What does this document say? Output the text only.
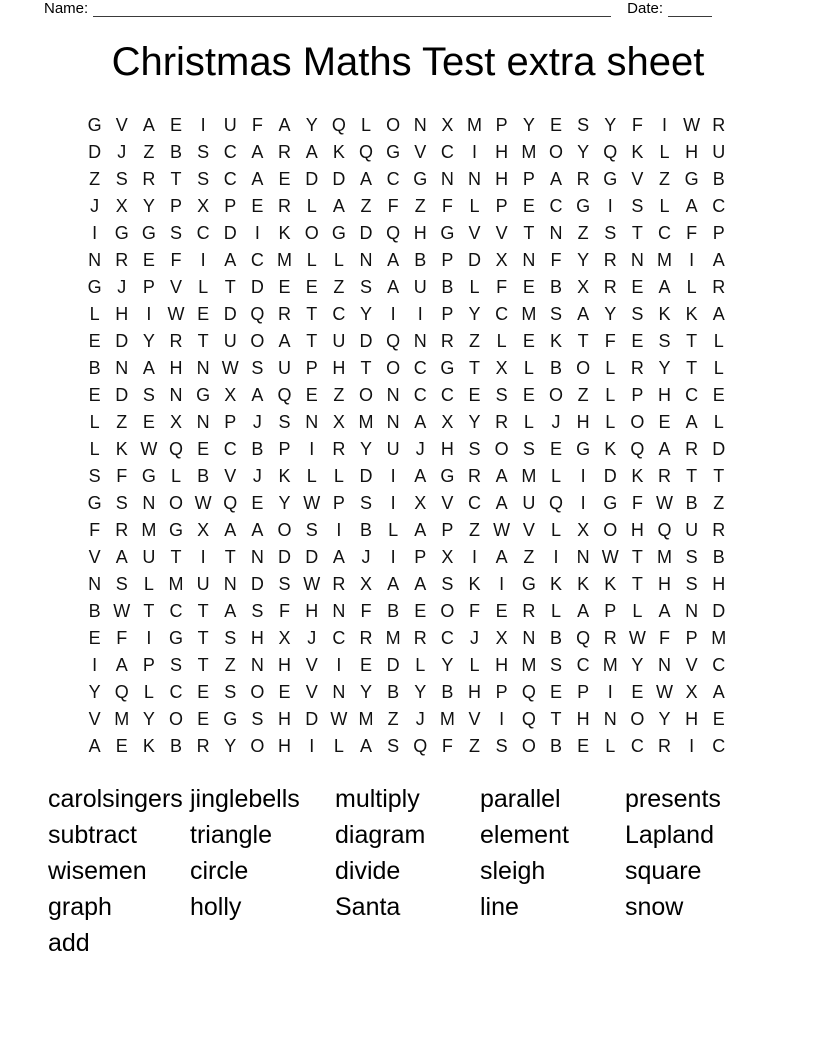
Name:	Date:
Christmas Maths Test extra sheet
G V A E	I	U F A Y Q L O N X M P Y E S Y F	I W R
D J Z B S C A R A K Q G V C	I	H M O Y Q K L H U
Z S R T S C A E D D A C G N N H P A R G V Z G B
J X Y P X P E R L A Z F Z F L P E C G I	S L A C
I G G S C D	I	K O G D Q H G V V T N Z S T C F P
N R E F	I	A C M L L N A B P D X N F Y R N M I	A
G J P V L T D E E Z S A U B L F E B X R E A L R
L H	I W E D Q R T C Y	I	I	P Y C M S A Y S K K A
E D Y R T U O A T U D Q N R Z L E K T F E S T L
B N A H N W S U P H T O C G T X L B O L R Y T L
E D S N G X A Q E Z O N C C E S E O Z L P H C E
L Z E X N P J S N X M N A X Y R L J H L O E A L
L K W Q E C B P	I	R Y U J H S O S E G K Q A R D
S F G L B V J K L L D	I	A G R A M L	I	D K R T T
G S N O W Q E Y W P S	I	X V C A U Q I G F W B Z
F R M G X A A O S	I	B L A P Z W V L X O H Q U R
V A U T	I	T N D D A J	I	P X	I	A Z	I	N W T M S B
N S L M U N D S W R X A A S K	I G K K K T H S H
B W T C T A S F H N F B E O F E R L A P L A N D
E F	I G T S H X J C R M R C J X N B Q R W F P M
I	A P S T Z N H V	I	E D L Y L H M S C M Y N V C
Y Q L C E S O E V N Y B Y B H P Q E P	I	E W X A
V M Y O E G S H D W M Z J M V	I Q T H N O Y H E
A E K B R Y O H	I	L A S Q F Z S O B E L C R	I	C
carolsingers
subtract
wisemen
graph
add
jinglebells
triangle
circle
holly
multiply
diagram
divide
Santa
parallel
element
sleigh
line
presents
Lapland
square
snow
